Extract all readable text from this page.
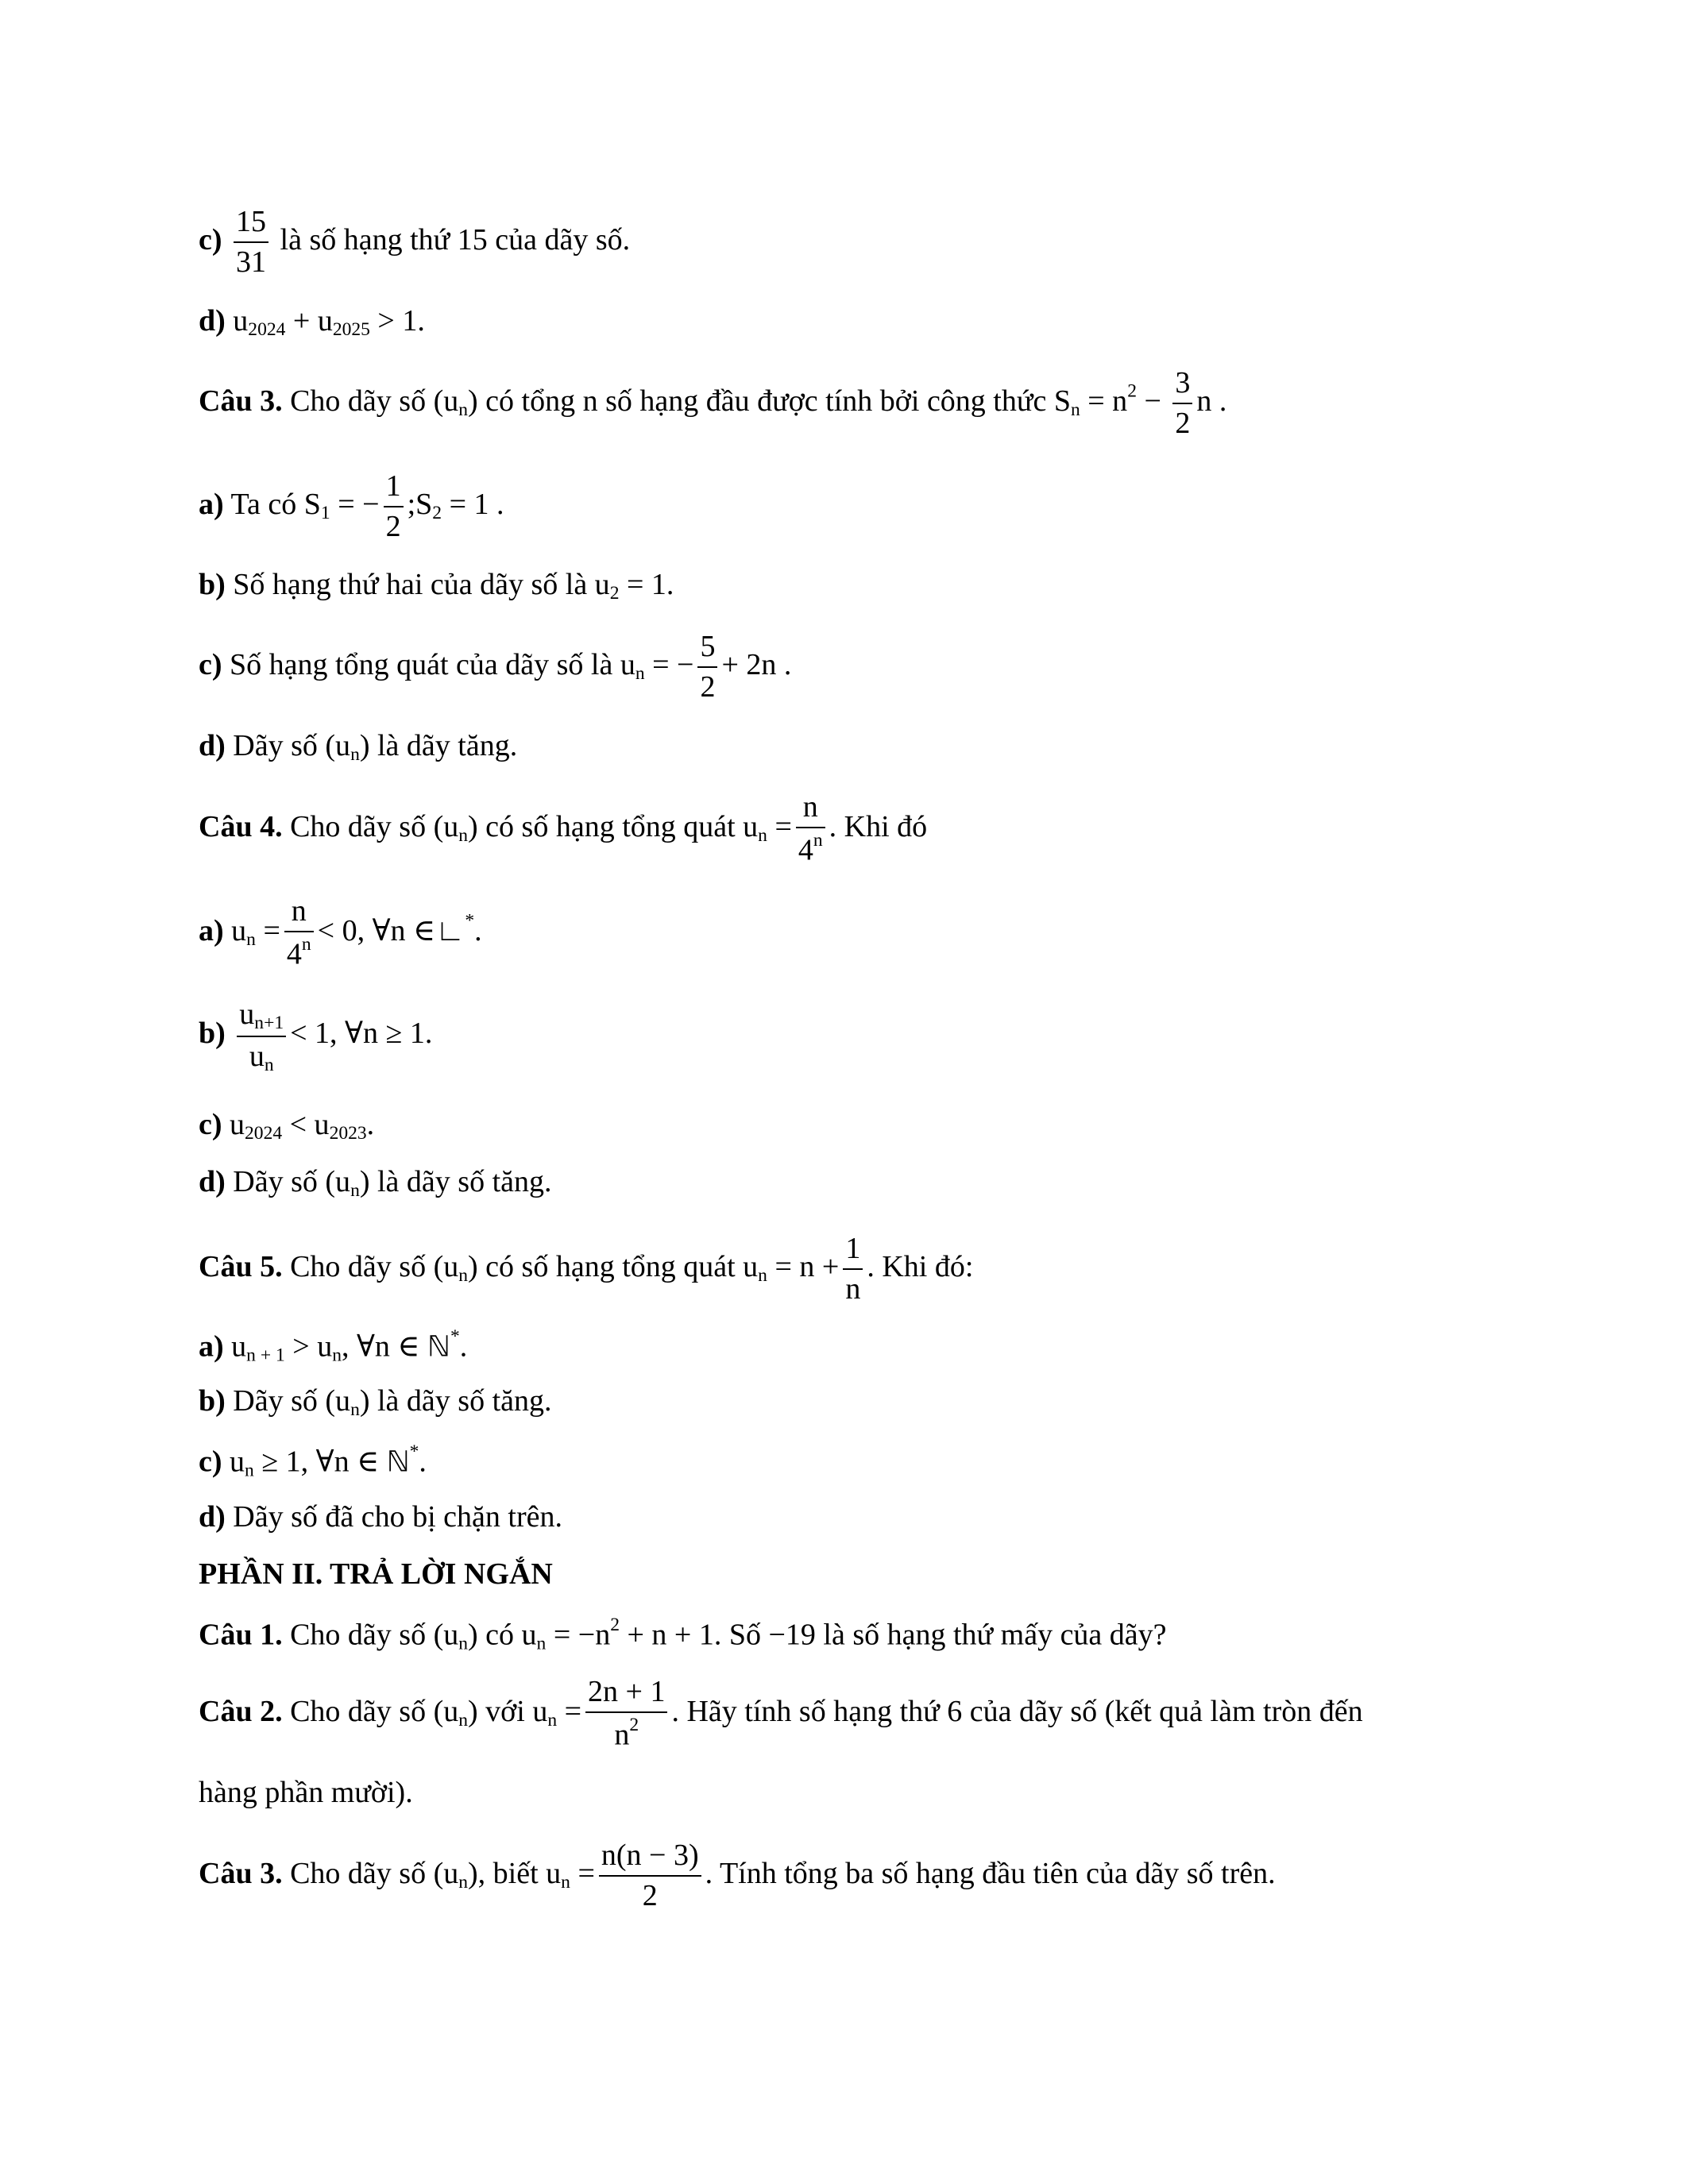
$c) \frac{15}{31}$ là số hạng thứ 15 của dãy số.
d) $u_{2024} + u_{2025} > 1$.
Câu 3. Cho dãy số $(u_n)$ có tổng n số hạng đầu được tính bởi công thức $S_n = n^2 - \frac{3}{2}$ n .
a) Ta có $S_1$ = − $\frac{1}{2}$ $;S_2 = 1$ .
b) Số hạng thứ hai của dãy số là $u_2 = 1$.
c) Số hạng tổng quát của dãy số là $u_n$ = − $\frac{5}{2} + 2n$ .
d) Dãy số $(u_n)$ là dãy tăng.
Câu 4. Cho dãy số $(u_n)$ có số hạng tổng quát $u_n = \frac{n}{4^n}$ . Khi đó
a) $u_n = \frac{n}{4^n} < 0$, ∀n ∈∟*.
$b) \frac{u_{n+1}}{u_n} < 1$, ∀n ≥ 1.
c) $u_{2024} < u_{2023}$.
d) Dãy số $(u_n)$ là dãy số tăng.
Câu 5. Cho dãy số $(u_n)$ có số hạng tổng quát $u_n = n + \frac{1}{n}$ . Khi đó:
a) $u_{n + 1} > u_n$, ∀n ∈ ℕ*.
b) Dãy số $(u_n)$ là dãy số tăng.
c) $u_n \ge 1$, ∀n ∈ ℕ*.
d) Dãy số đã cho bị chặn trên.
PHẦN II. TRẢ LỜI NGẮN
Câu 1. Cho dãy số $(u_n)$ có $u_n = -n^2 + n + 1$. Số −19 là số hạng thứ mấy của dãy?
Câu 2. Cho dãy số $(u_n)$ với $u_n = \frac{2n + 1}{n^2}$ . Hãy tính số hạng thứ 6 của dãy số (kết quả làm tròn đến
hàng phần mười).
Câu 3. Cho dãy số $(u_n)$, biết $u_n = \frac{n(n - 3)}{2}$ . Tính tổng ba số hạng đầu tiên của dãy số trên.
